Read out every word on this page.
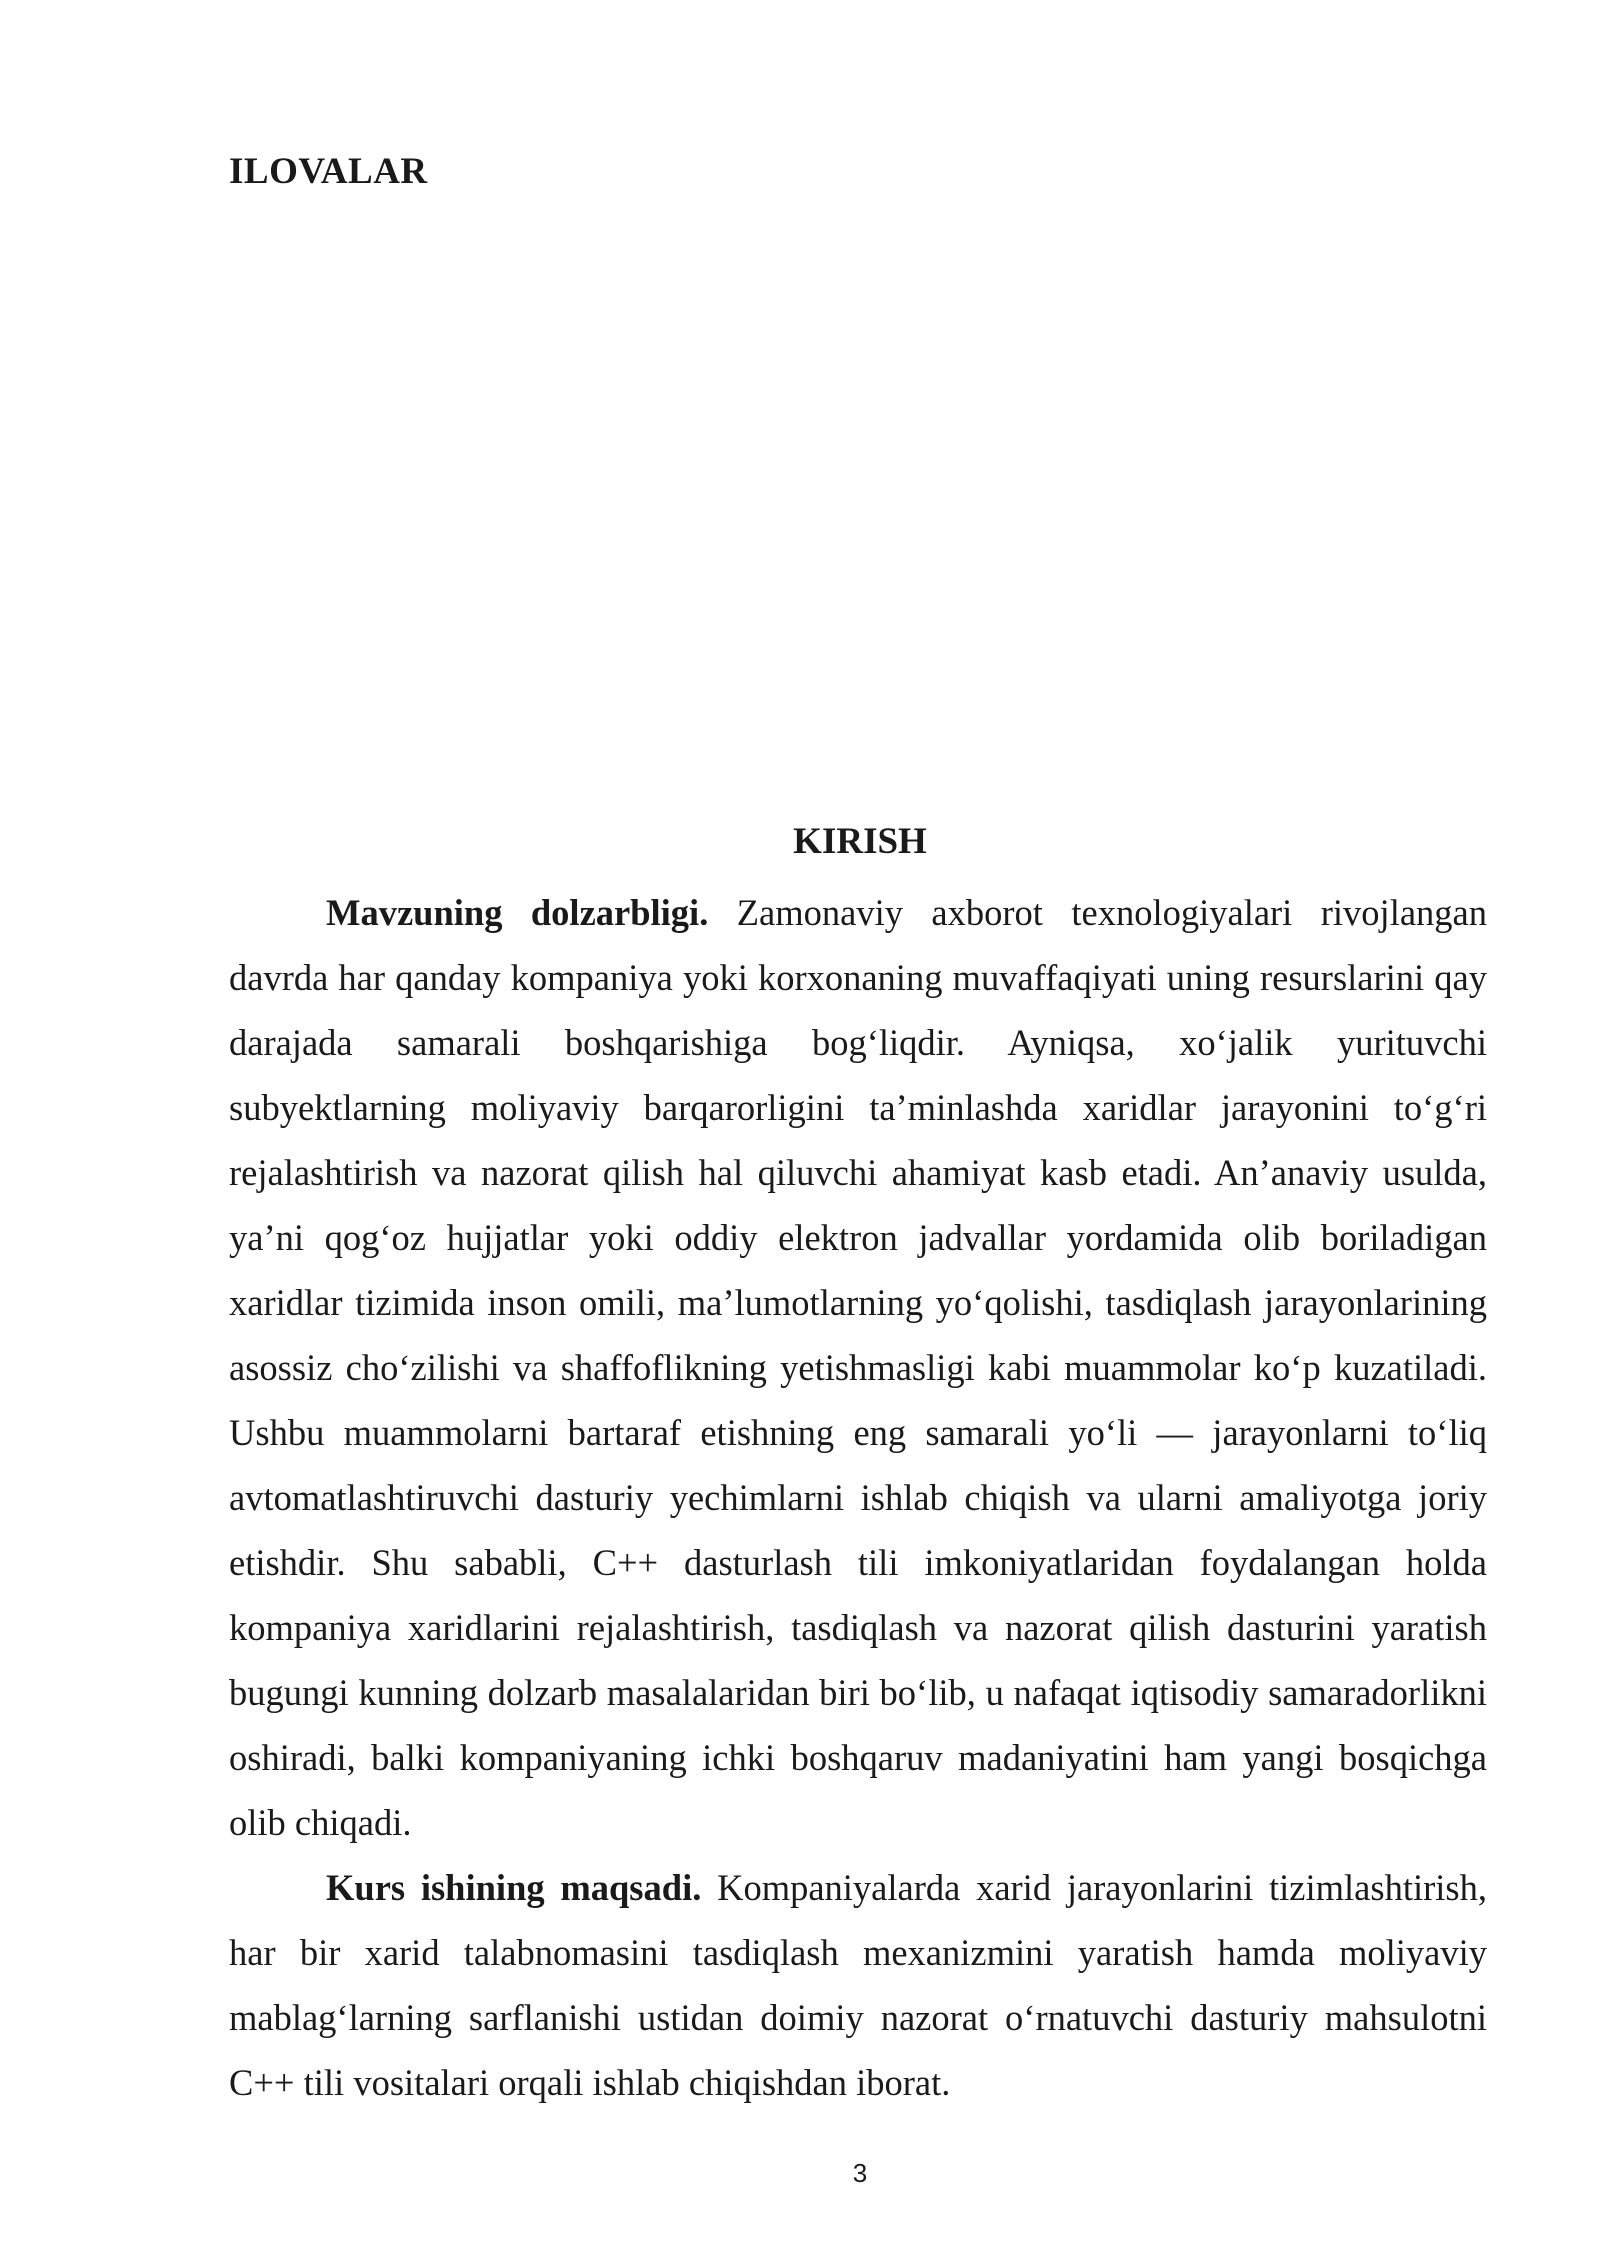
ILOVALAR
KIRISH

Mavzuning dolzarbligi. Zamonaviy axborot texnologiyalari rivojlangan davrda har qanday kompaniya yoki korxonaning muvaffaqiyati uning resurslarini qay darajada samarali boshqarishiga bog‘liqdir. Ayniqsa, xo‘jalik yurituvchi subyektlarning moliyaviy barqarorligini ta’minlashda xaridlar jarayonini to‘g‘ri rejalashtirish va nazorat qilish hal qiluvchi ahamiyat kasb etadi. An’anaviy usulda, ya’ni qog‘oz hujjatlar yoki oddiy elektron jadvallar yordamida olib boriladigan xaridlar tizimida inson omili, ma’lumotlarning yo‘qolishi, tasdiqlash jarayonlarining asossiz cho‘zilishi va shaffoflikning yetishmasligi kabi muammolar ko‘p kuzatiladi. Ushbu muammolarni bartaraf etishning eng samarali yo‘li — jarayonlarni to‘liq avtomatlashtiruvchi dasturiy yechimlarni ishlab chiqish va ularni amaliyotga joriy etishdir. Shu sababli, C++ dasturlash tili imkoniyatlaridan foydalangan holda kompaniya xaridlarini rejalashtirish, tasdiqlash va nazorat qilish dasturini yaratish bugungi kunning dolzarb masalalaridan biri bo‘lib, u nafaqat iqtisodiy samaradorlikni oshiradi, balki kompaniyaning ichki boshqaruv madaniyatini ham yangi bosqichga olib chiqadi.

Kurs ishining maqsadi. Kompaniyalarda xarid jarayonlarini tizimlashtirish, har bir xarid talabnomasini tasdiqlash mexanizmini yaratish hamda moliyaviy mablag‘larning sarflanishi ustidan doimiy nazorat o‘rnatuvchi dasturiy mahsulotni C++ tili vositalari orqali ishlab chiqishdan iborat.

3
